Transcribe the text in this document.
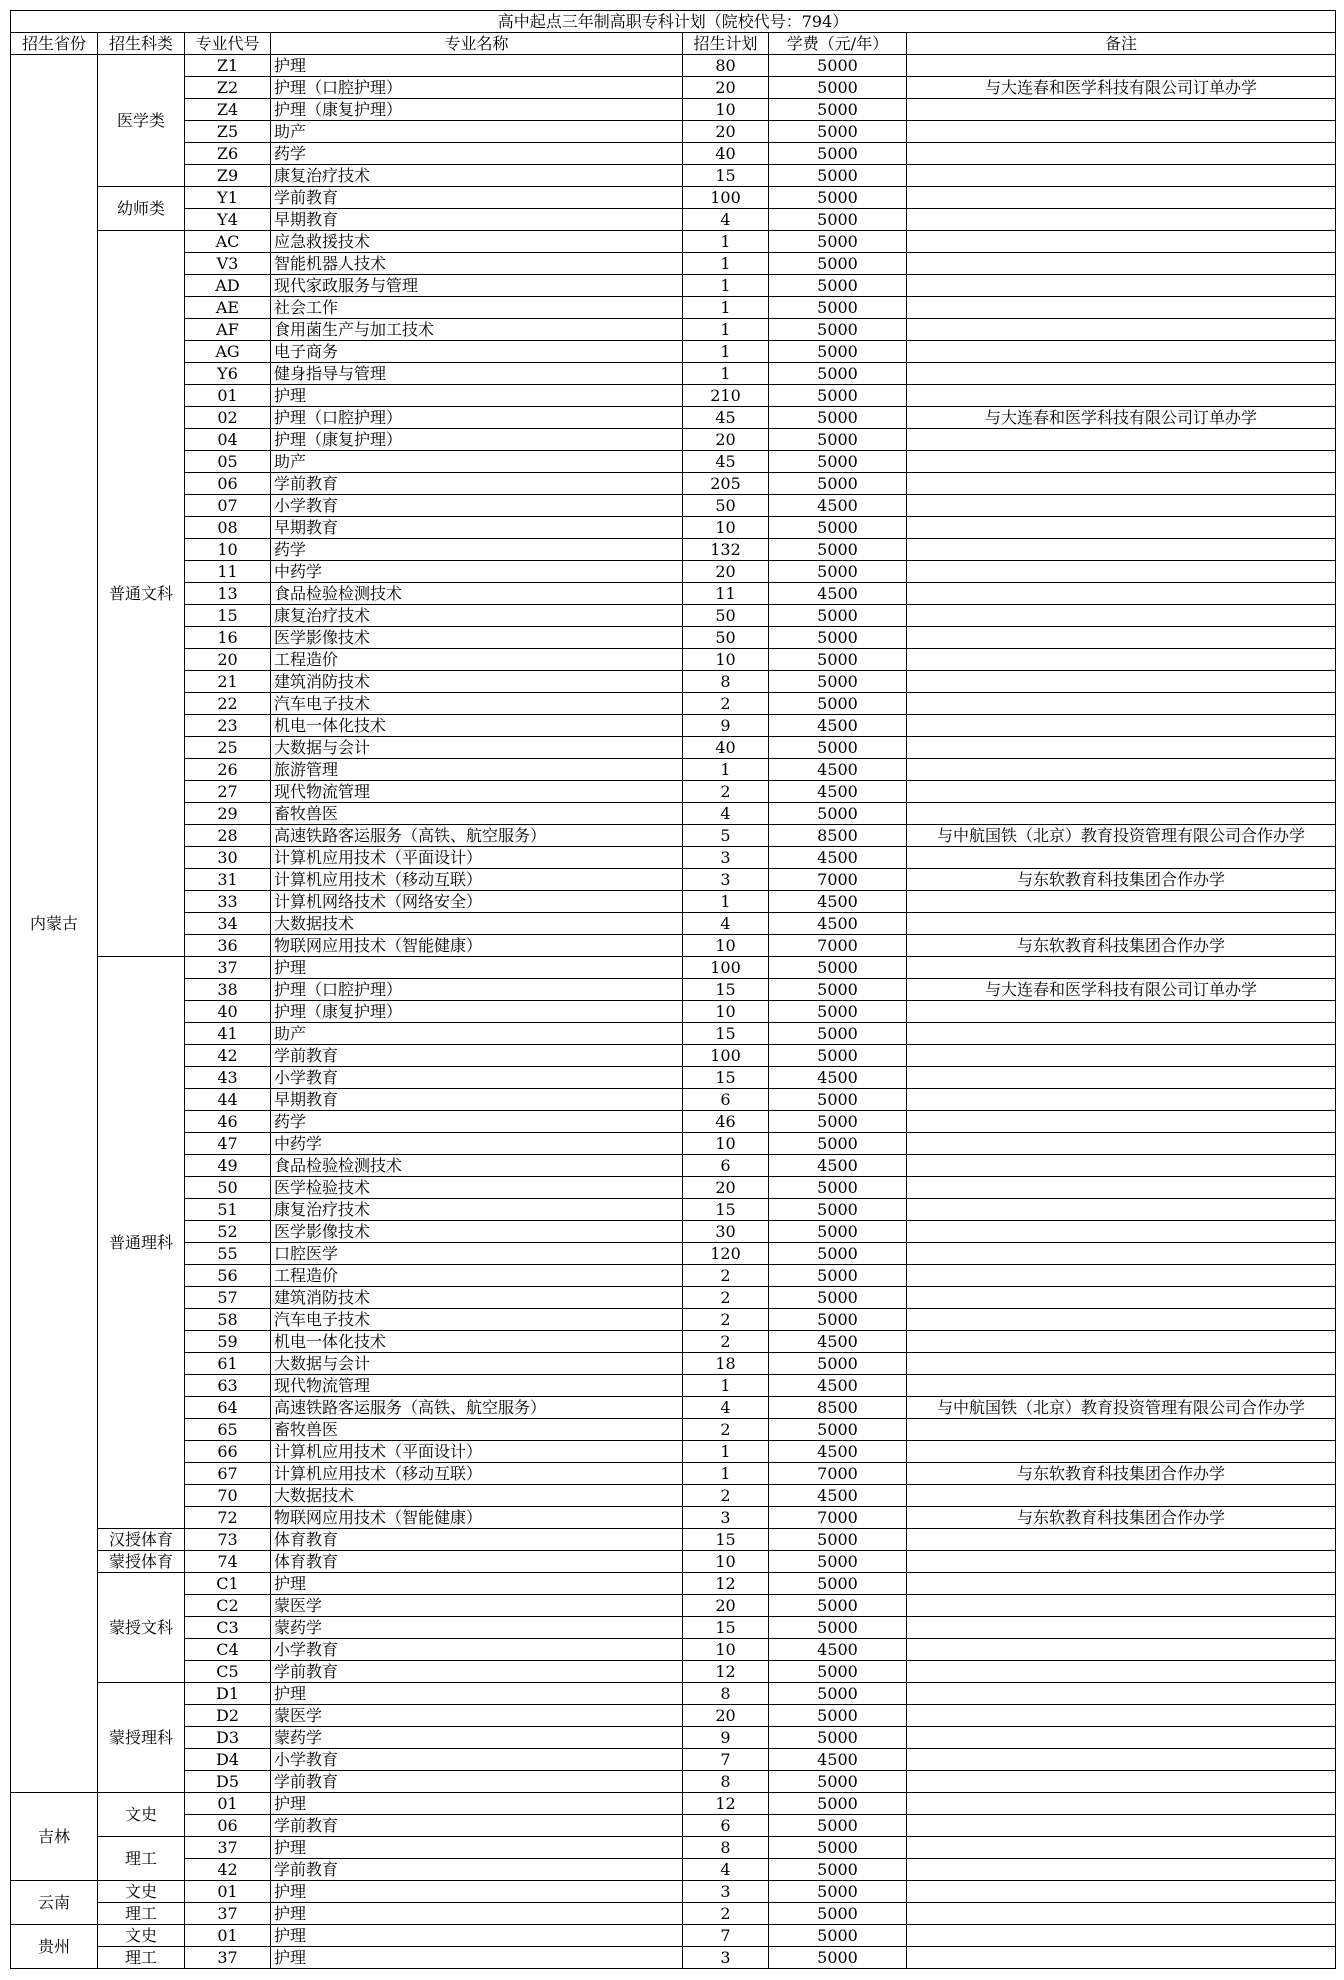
高中起点三年制高职专科计划（院校代号：794）						
招生省份	招生科类	专业代号	专业名称	招生计划	学费（元/年）	备注
内蒙古	医学类	Z1	护理	80	5000	
		Z2	护理（口腔护理）	20	5000	与大连春和医学科技有限公司订单办学
		Z4	护理（康复护理）	10	5000	
		Z5	助产	20	5000	
		Z6	药学	40	5000	
		Z9	康复治疗技术	15	5000	
	幼师类	Y1	学前教育	100	5000	
		Y4	早期教育	4	5000	
	普通文科	AC	应急救援技术	1	5000	
		V3	智能机器人技术	1	5000	
		AD	现代家政服务与管理	1	5000	
		AE	社会工作	1	5000	
		AF	食用菌生产与加工技术	1	5000	
		AG	电子商务	1	5000	
		Y6	健身指导与管理	1	5000	
		01	护理	210	5000	
		02	护理（口腔护理）	45	5000	与大连春和医学科技有限公司订单办学
		04	护理（康复护理）	20	5000	
		05	助产	45	5000	
		06	学前教育	205	5000	
		07	小学教育	50	4500	
		08	早期教育	10	5000	
		10	药学	132	5000	
		11	中药学	20	5000	
		13	食品检验检测技术	11	4500	
		15	康复治疗技术	50	5000	
		16	医学影像技术	50	5000	
		20	工程造价	10	5000	
		21	建筑消防技术	8	5000	
		22	汽车电子技术	2	5000	
		23	机电一体化技术	9	4500	
		25	大数据与会计	40	5000	
		26	旅游管理	1	4500	
		27	现代物流管理	2	4500	
		29	畜牧兽医	4	5000	
		28	高速铁路客运服务（高铁、航空服务）	5	8500	与中航国铁（北京）教育投资管理有限公司合作办学
		30	计算机应用技术（平面设计）	3	4500	
		31	计算机应用技术（移动互联）	3	7000	与东软教育科技集团合作办学
		33	计算机网络技术（网络安全）	1	4500	
		34	大数据技术	4	4500	
		36	物联网应用技术（智能健康）	10	7000	与东软教育科技集团合作办学
	普通理科	37	护理	100	5000	
		38	护理（口腔护理）	15	5000	与大连春和医学科技有限公司订单办学
		40	护理（康复护理）	10	5000	
		41	助产	15	5000	
		42	学前教育	100	5000	
		43	小学教育	15	4500	
		44	早期教育	6	5000	
		46	药学	46	5000	
		47	中药学	10	5000	
		49	食品检验检测技术	6	4500	
		50	医学检验技术	20	5000	
		51	康复治疗技术	15	5000	
		52	医学影像技术	30	5000	
		55	口腔医学	120	5000	
		56	工程造价	2	5000	
		57	建筑消防技术	2	5000	
		58	汽车电子技术	2	5000	
		59	机电一体化技术	2	4500	
		61	大数据与会计	18	5000	
		63	现代物流管理	1	4500	
		64	高速铁路客运服务（高铁、航空服务）	4	8500	与中航国铁（北京）教育投资管理有限公司合作办学
		65	畜牧兽医	2	5000	
		66	计算机应用技术（平面设计）	1	4500	
		67	计算机应用技术（移动互联）	1	7000	与东软教育科技集团合作办学
		70	大数据技术	2	4500	
		72	物联网应用技术（智能健康）	3	7000	与东软教育科技集团合作办学
	汉授体育	73	体育教育	15	5000	
	蒙授体育	74	体育教育	10	5000	
	蒙授文科	C1	护理	12	5000	
		C2	蒙医学	20	5000	
		C3	蒙药学	15	5000	
		C4	小学教育	10	4500	
		C5	学前教育	12	5000	
	蒙授理科	D1	护理	8	5000	
		D2	蒙医学	20	5000	
		D3	蒙药学	9	5000	
		D4	小学教育	7	4500	
		D5	学前教育	8	5000	
吉林	文史	01	护理	12	5000	
		06	学前教育	6	5000	
	理工	37	护理	8	5000	
		42	学前教育	4	5000	
云南	文史	01	护理	3	5000	
	理工	37	护理	2	5000	
贵州	文史	01	护理	7	5000	
	理工	37	护理	3	5000	
